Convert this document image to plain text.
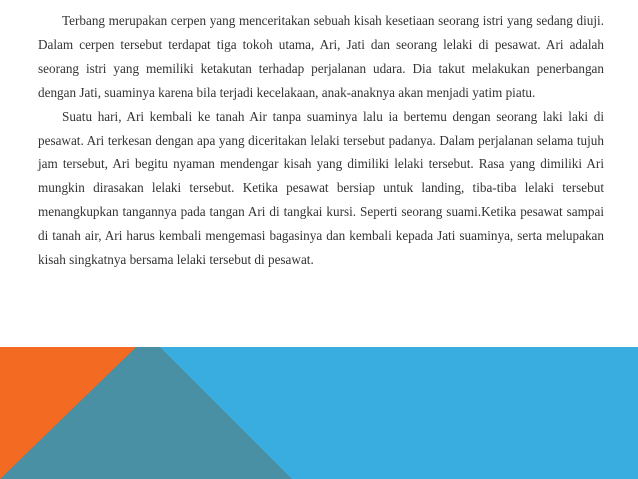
Terbang merupakan cerpen yang menceritakan sebuah kisah kesetiaan seorang istri yang sedang diuji. Dalam cerpen tersebut terdapat tiga tokoh utama, Ari, Jati dan seorang lelaki di pesawat. Ari adalah seorang istri yang memiliki ketakutan terhadap perjalanan udara. Dia takut melakukan penerbangan dengan Jati, suaminya karena bila terjadi kecelakaan, anak-anaknya akan menjadi yatim piatu.

Suatu hari, Ari kembali ke tanah Air tanpa suaminya lalu ia bertemu dengan seorang laki laki di pesawat. Ari terkesan dengan apa yang diceritakan lelaki tersebut padanya. Dalam perjalanan selama tujuh jam tersebut, Ari begitu nyaman mendengar kisah yang dimiliki lelaki tersebut. Rasa yang dimiliki Ari mungkin dirasakan lelaki tersebut. Ketika pesawat bersiap untuk landing, tiba-tiba lelaki tersebut menangkupkan tangannya pada tangan Ari di tangkai kursi. Seperti seorang suami.Ketika pesawat sampai di tanah air, Ari harus kembali mengemasi bagasinya dan kembali kepada Jati suaminya, serta melupakan kisah singkatnya bersama lelaki tersebut di pesawat.
